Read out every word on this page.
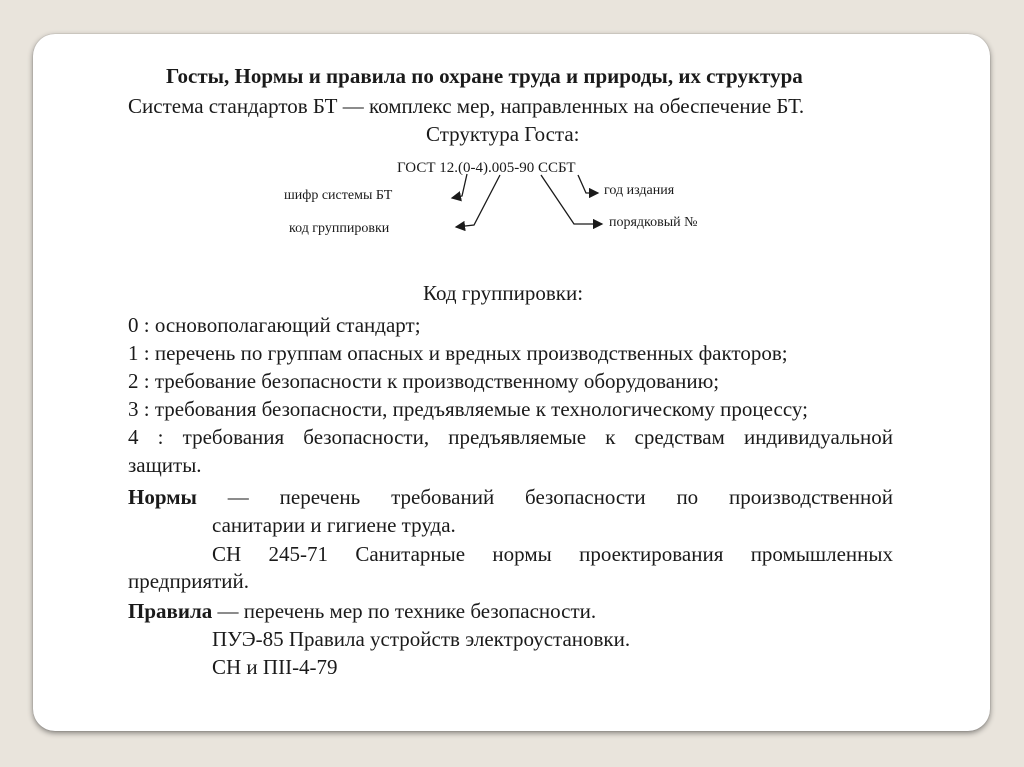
Госты, Нормы и правила по охране труда и природы, их структура
Система стандартов БТ — комплекс мер, направленных на обеспечение БТ.
Структура Госта:
ГОСТ 12.(0-4).005-90 ССБТ
шифр системы БТ
код группировки
год издания
порядковый №
Код группировки:
0 : основополагающий стандарт;
1 : перечень по группам опасных и вредных производственных факторов;
2 : требование безопасности к производственному оборудованию;
3 : требования безопасности, предъявляемые к технологическому процессу;
4 : требования безопасности, предъявляемые к средствам индивидуальной
защиты.
Нормы — перечень требований безопасности по производственной
санитарии и гигиене труда.
СН 245-71 Санитарные нормы проектирования промышленных
предприятий.
Правила — перечень мер по технике безопасности.
ПУЭ-85 Правила устройств электроустановки.
СН и ПII-4-79
